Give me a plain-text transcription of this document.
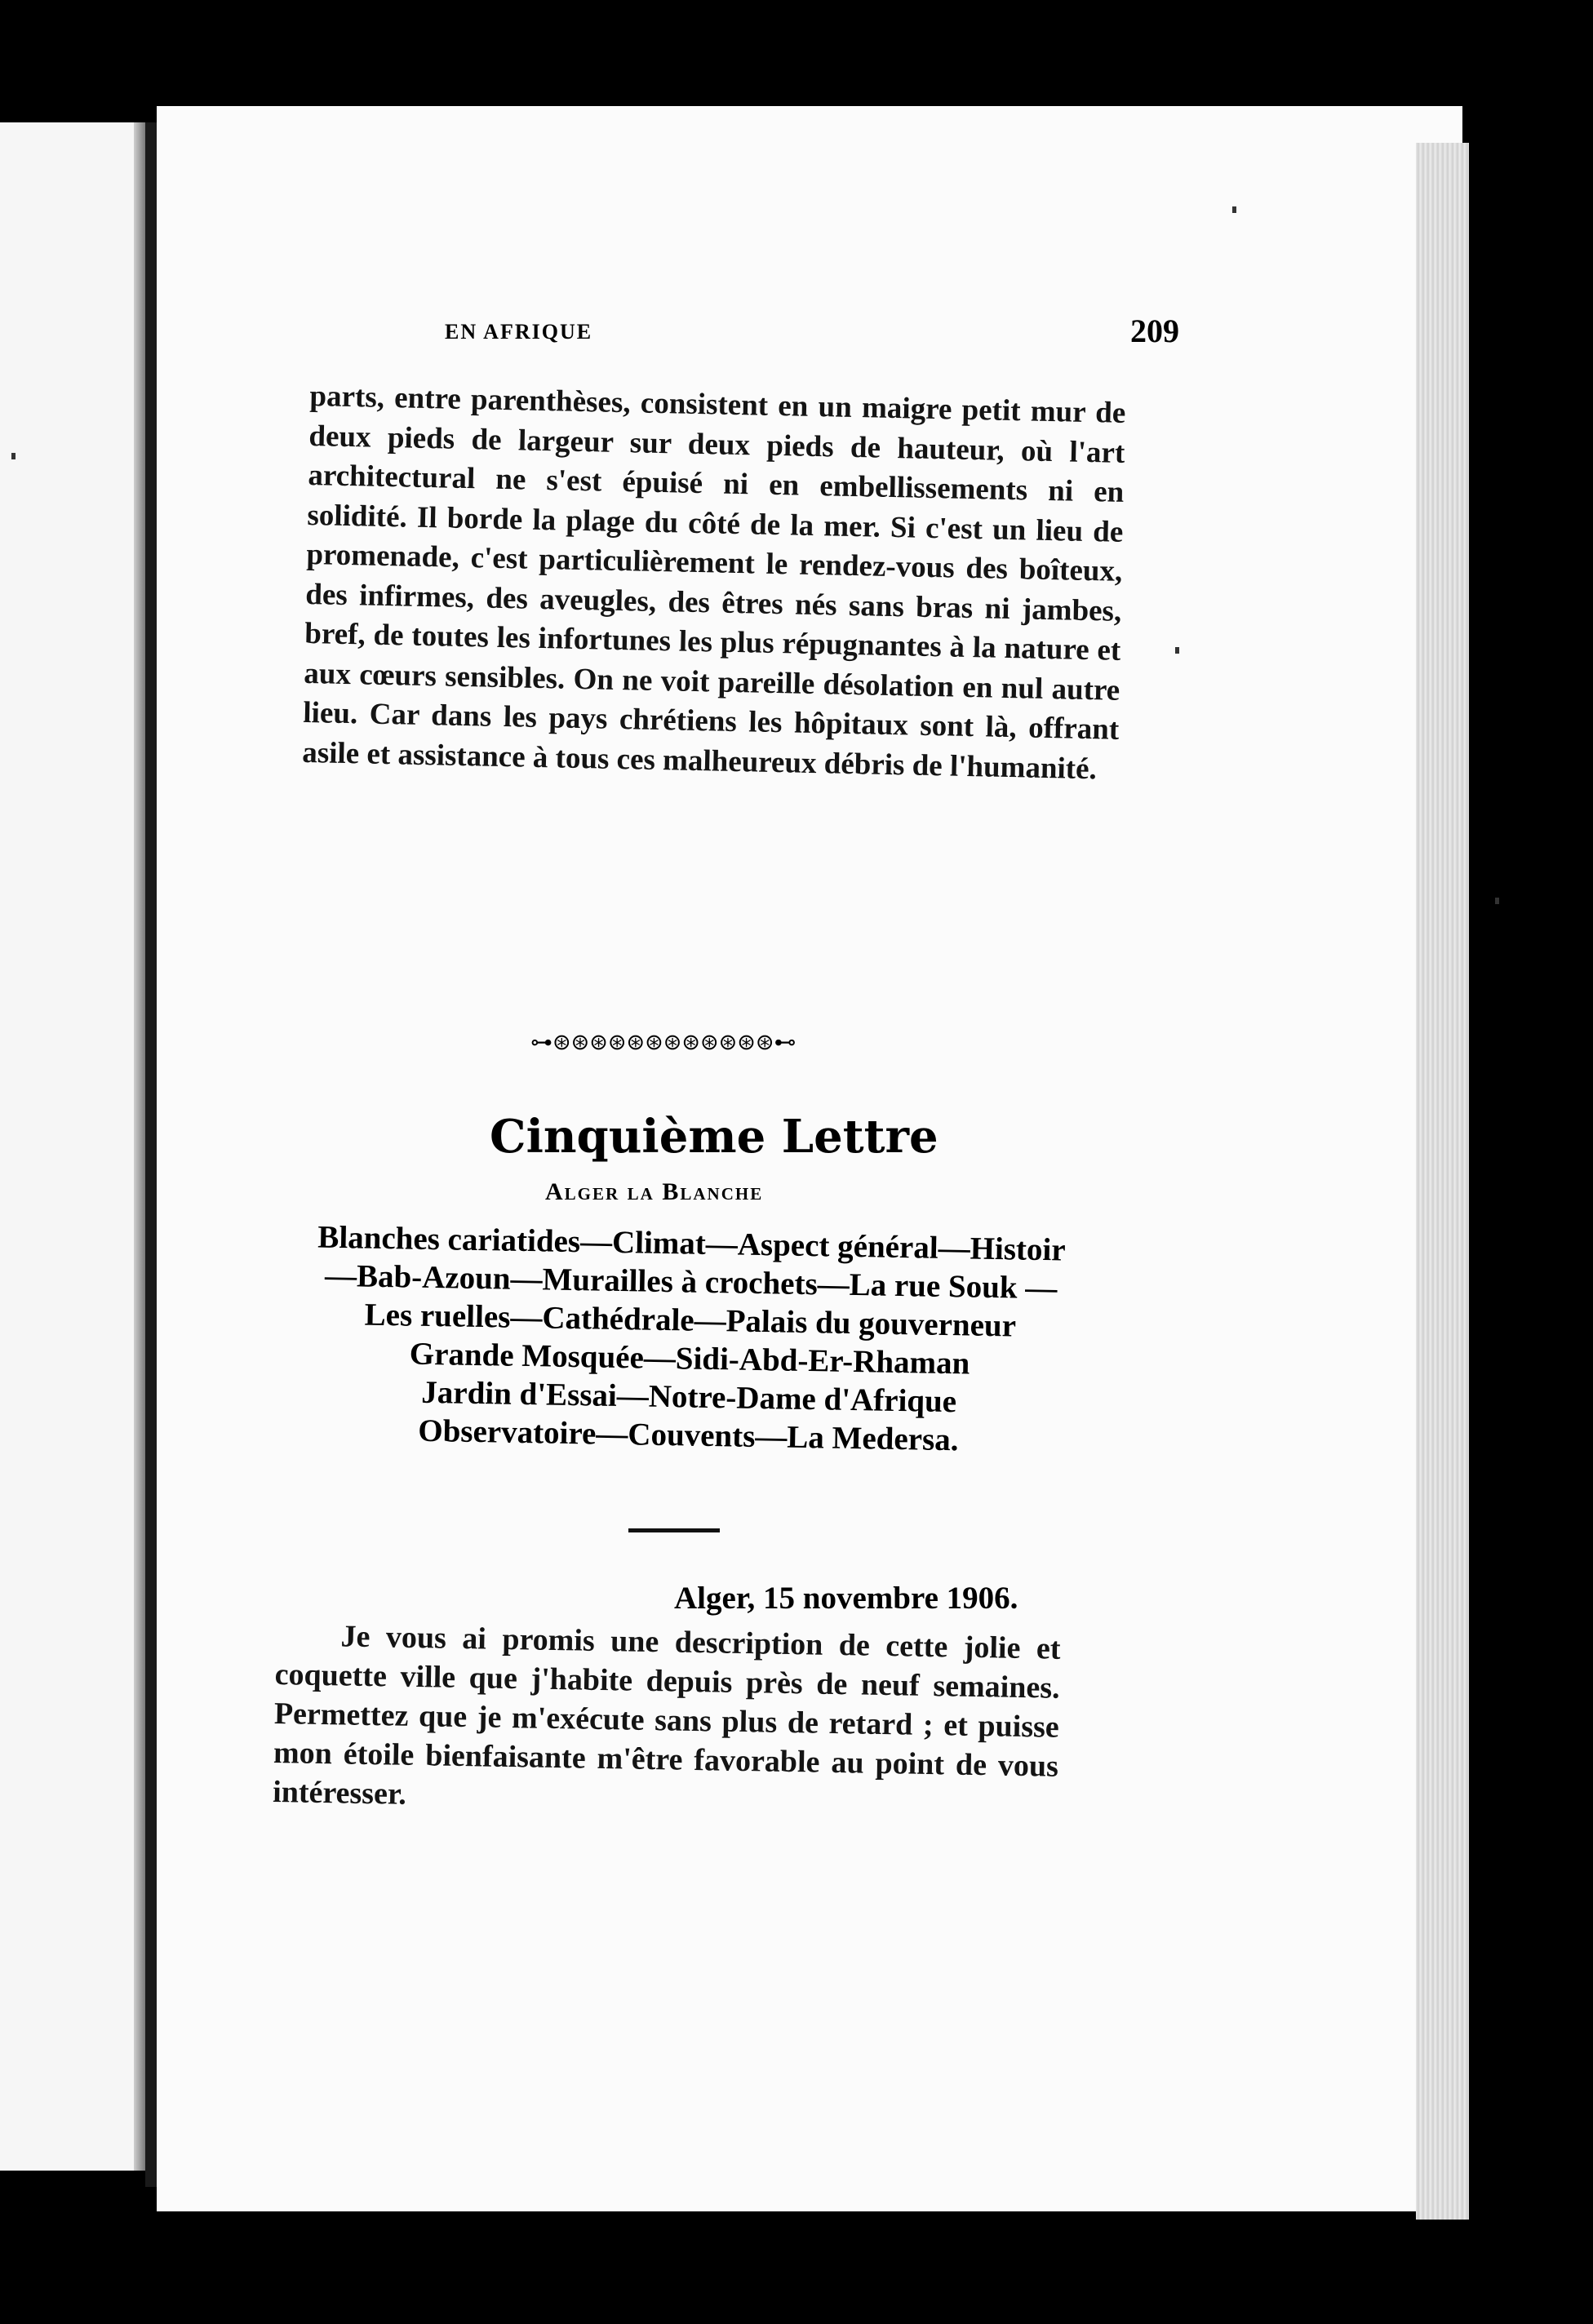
EN AFRIQUE	209
parts, entre parenthèses, consistent en un maigre petit mur de deux pieds de largeur sur deux pieds de hauteur, où l'art architectural ne s'est épuisé ni en embellissements ni en solidité. Il borde la plage du côté de la mer. Si c'est un lieu de promenade, c'est particulièrement le rendez-vous des boîteux, des infirmes, des aveugles, des êtres nés sans bras ni jambes, bref, de toutes les infortunes les plus répugnantes à la nature et aux cœurs sensibles. On ne voit pareille désolation en nul autre lieu. Car dans les pays chrétiens les hôpitaux sont là, offrant asile et assistance à tous ces malheureux débris de l'humanité.
⊶⊛⊛⊛⊛⊛⊛⊛⊛⊛⊛⊛⊛⊷
Cinquième Lettre
Alger la Blanche
Blanches cariatides—Climat—Aspect général—Histoir
—Bab-Azoun—Murailles à crochets—La rue Souk —
Les ruelles—Cathédrale—Palais du gouverneur
Grande Mosquée—Sidi-Abd-Er-Rhaman
Jardin d'Essai—Notre-Dame d'Afrique
Observatoire—Couvents—La Medersa.
Alger, 15 novembre 1906.
Je vous ai promis une description de cette jolie et coquette ville que j'habite depuis près de neuf semaines. Permettez que je m'exécute sans plus de retard ; et puisse mon étoile bienfaisante m'être favorable au point de vous intéresser.
